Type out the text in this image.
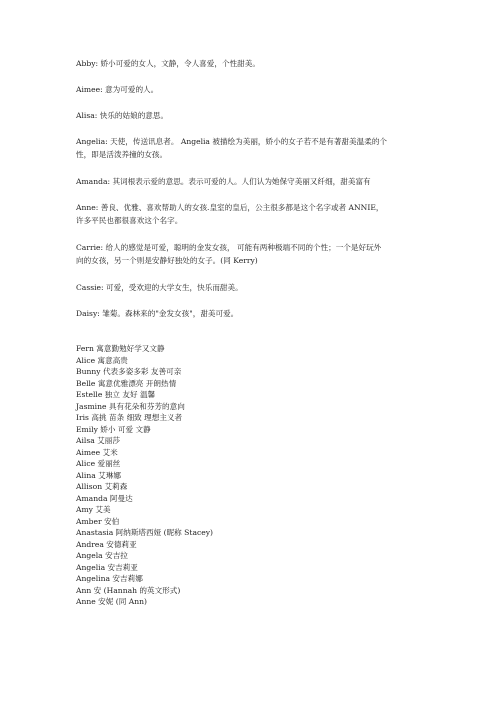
Abby: 娇小可爱的女人，文静，令人喜爱，个性甜美。
Aimee: 意为可爱的人。
Alisa: 快乐的姑娘的意思。
Angelia: 天使，传送讯息者。 Angelia 被描绘为美丽，娇小的女子若不是有著甜美温柔的个
性，即是活泼养撞的女孩。
Amanda: 其词根表示爱的意思。表示可爱的人。人们认为她保守美丽又纤细，甜美富有
Anne: 善良、优雅、喜欢帮助人的女孩.皇室的皇后，公主很多都是这个名字或者 ANNIE，
许多平民也都很喜欢这个名字。
Carrie: 给人的感觉是可爱，聪明的金发女孩， 可能有两种极端不同的个性；一个是好玩外
向的女孩，另一个则是安静好独处的女子。(同 Kerry)
Cassie: 可爱，受欢迎的大学女生，快乐而甜美。
Daisy: 雏菊。森林来的"金发女孩"，甜美可爱。
Fern 寓意勤勉好学又文静
Alice 寓意高贵
Bunny 代表多姿多彩 友善可亲
Belle 寓意优雅漂亮 开朗热情
Estelle 独立 友好 温馨
Jasmine 具有花朵和芬芳的意向
Iris 高挑 苗条 细致 理想主义者
Emily 娇小 可爱 文静
Ailsa 艾丽莎
Aimee 艾米
Alice 爱丽丝
Alina 艾琳娜
Allison 艾莉森
Amanda 阿曼达
Amy 艾美
Amber 安伯
Anastasia 阿纳斯塔西娅 (昵称 Stacey)
Andrea 安德莉亚
Angela 安吉拉
Angelia 安吉莉亚
Angelina 安吉莉娜
Ann 安 (Hannah 的英文形式)
Anne 安妮 (同 Ann)
